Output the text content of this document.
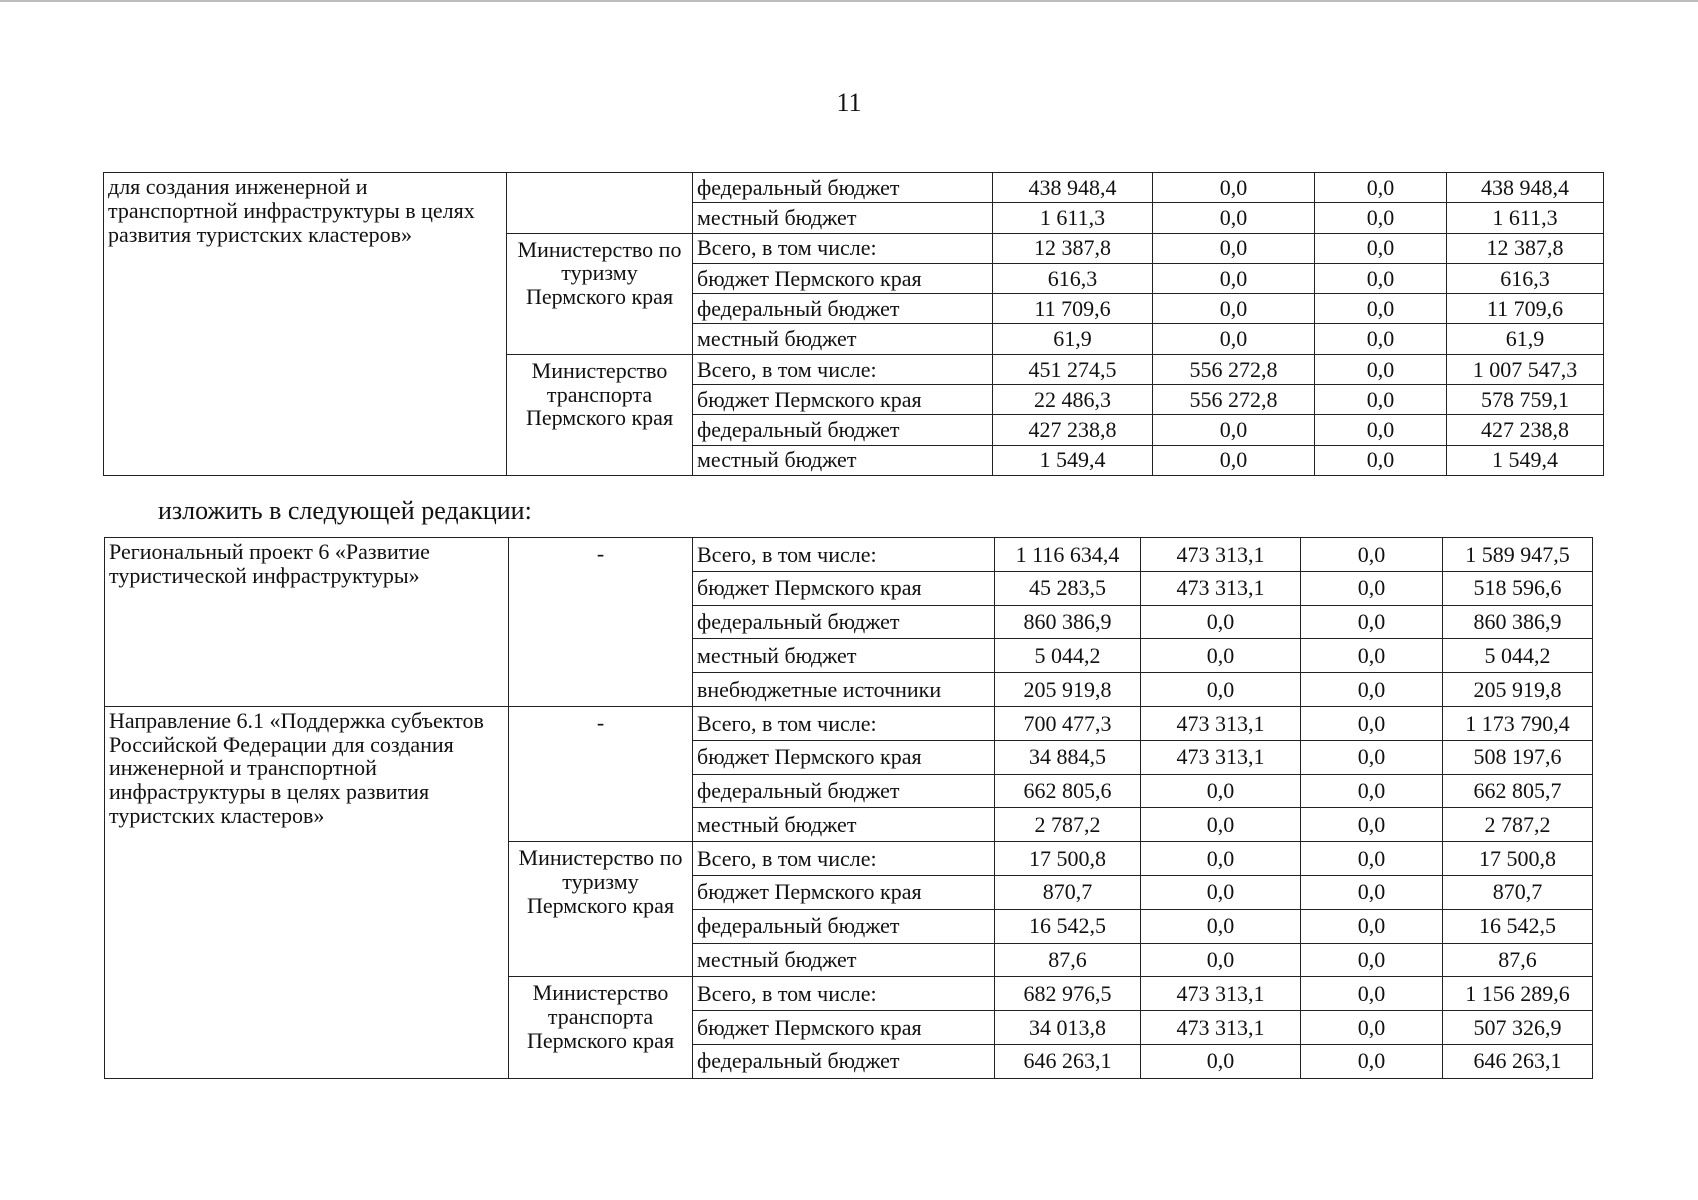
11
для создания инженерной и транспортной инфраструктуры в целях развития туристских кластеров»		федеральный бюджет	438 948,4	0,0	0,0	438 948,4
		местный бюджет	1 611,3	0,0	0,0	1 611,3
	Министерство по туризму Пермского края	Всего, в том числе:	12 387,8	0,0	0,0	12 387,8
		бюджет Пермского края	616,3	0,0	0,0	616,3
		федеральный бюджет	11 709,6	0,0	0,0	11 709,6
		местный бюджет	61,9	0,0	0,0	61,9
	Министерство транспорта Пермского края	Всего, в том числе:	451 274,5	556 272,8	0,0	1 007 547,3
		бюджет Пермского края	22 486,3	556 272,8	0,0	578 759,1
		федеральный бюджет	427 238,8	0,0	0,0	427 238,8
		местный бюджет	1 549,4	0,0	0,0	1 549,4
изложить в следующей редакции:
Региональный проект 6 «Развитие туристической инфраструктуры»	-	Всего, в том числе:	1 116 634,4	473 313,1	0,0	1 589 947,5
		бюджет Пермского края	45 283,5	473 313,1	0,0	518 596,6
		федеральный бюджет	860 386,9	0,0	0,0	860 386,9
		местный бюджет	5 044,2	0,0	0,0	5 044,2
		внебюджетные источники	205 919,8	0,0	0,0	205 919,8
Направление 6.1 «Поддержка субъектов Российской Федерации для создания инженерной и транспортной инфраструктуры в целях развития туристских кластеров»	-	Всего, в том числе:	700 477,3	473 313,1	0,0	1 173 790,4
		бюджет Пермского края	34 884,5	473 313,1	0,0	508 197,6
		федеральный бюджет	662 805,6	0,0	0,0	662 805,7
		местный бюджет	2 787,2	0,0	0,0	2 787,2
	Министерство по туризму Пермского края	Всего, в том числе:	17 500,8	0,0	0,0	17 500,8
		бюджет Пермского края	870,7	0,0	0,0	870,7
		федеральный бюджет	16 542,5	0,0	0,0	16 542,5
		местный бюджет	87,6	0,0	0,0	87,6
	Министерство транспорта Пермского края	Всего, в том числе:	682 976,5	473 313,1	0,0	1 156 289,6
		бюджет Пермского края	34 013,8	473 313,1	0,0	507 326,9
		федеральный бюджет	646 263,1	0,0	0,0	646 263,1
